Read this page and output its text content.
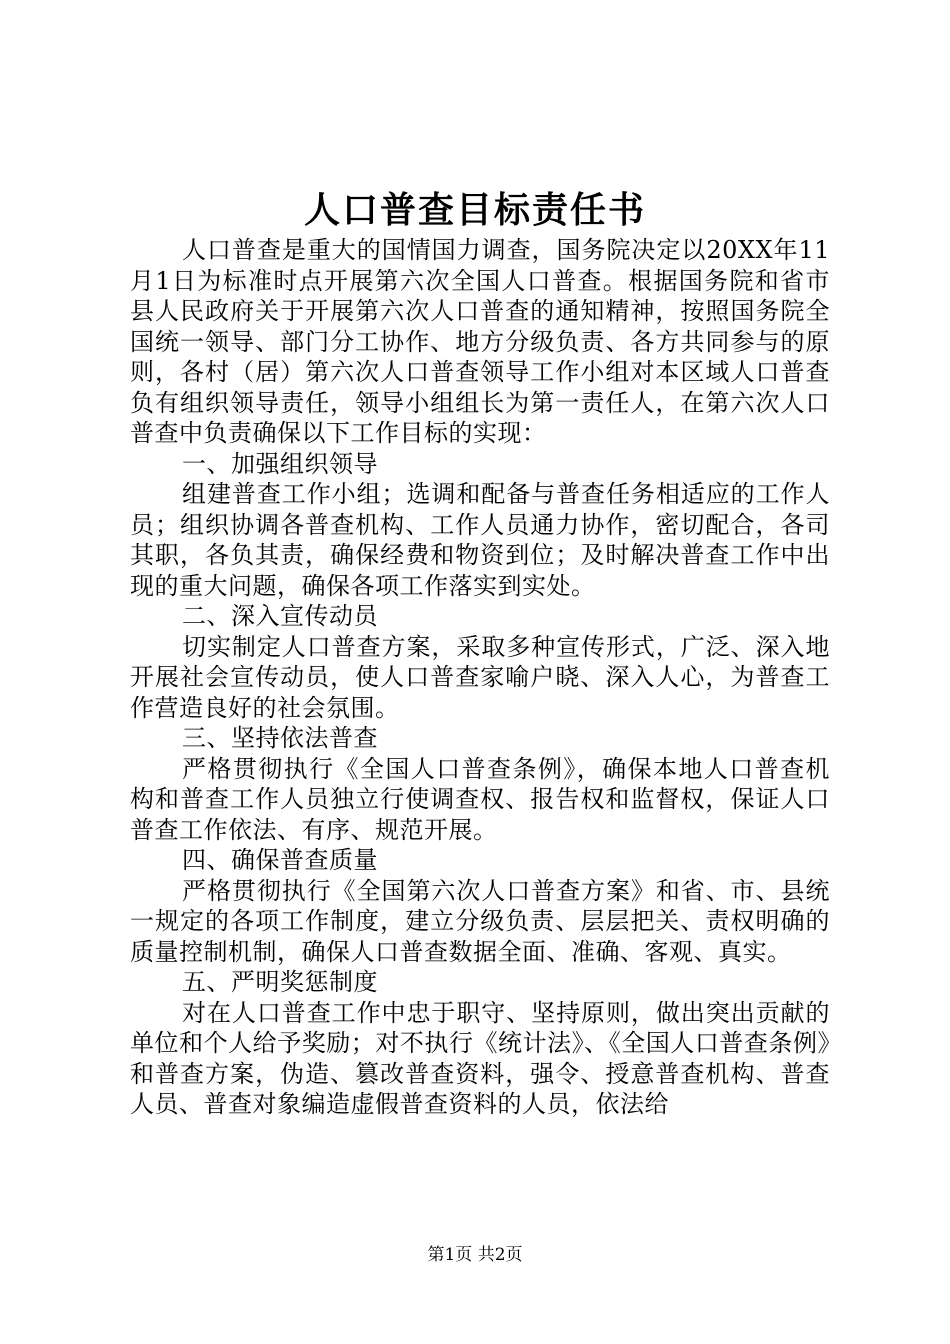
人口普查目标责任书

人口普查是重大的国情国力调查，国务院决定以20XX年11月1日为标准时点开展第六次全国人口普查。根据国务院和省市县人民政府关于开展第六次人口普查的通知精神，按照国务院全国统一领导、部门分工协作、地方分级负责、各方共同参与的原则，各村（居）第六次人口普查领导工作小组对本区域人口普查负有组织领导责任，领导小组组长为第一责任人，在第六次人口普查中负责确保以下工作目标的实现：

一、加强组织领导

组建普查工作小组；选调和配备与普查任务相适应的工作人员；组织协调各普查机构、工作人员通力协作，密切配合，各司其职，各负其责，确保经费和物资到位；及时解决普查工作中出现的重大问题，确保各项工作落实到实处。

二、深入宣传动员

切实制定人口普查方案，采取多种宣传形式，广泛、深入地开展社会宣传动员，使人口普查家喻户晓、深入人心，为普查工作营造良好的社会氛围。

三、坚持依法普查

严格贯彻执行《全国人口普查条例》，确保本地人口普查机构和普查工作人员独立行使调查权、报告权和监督权，保证人口普查工作依法、有序、规范开展。

四、确保普查质量

严格贯彻执行《全国第六次人口普查方案》和省、市、县统一规定的各项工作制度，建立分级负责、层层把关、责权明确的质量控制机制，确保人口普查数据全面、准确、客观、真实。

五、严明奖惩制度

对在人口普查工作中忠于职守、坚持原则，做出突出贡献的单位和个人给予奖励；对不执行《统计法》、《全国人口普查条例》和普查方案，伪造、篡改普查资料，强令、授意普查机构、普查人员、普查对象编造虚假普查资料的人员，依法给

第1页 共2页
